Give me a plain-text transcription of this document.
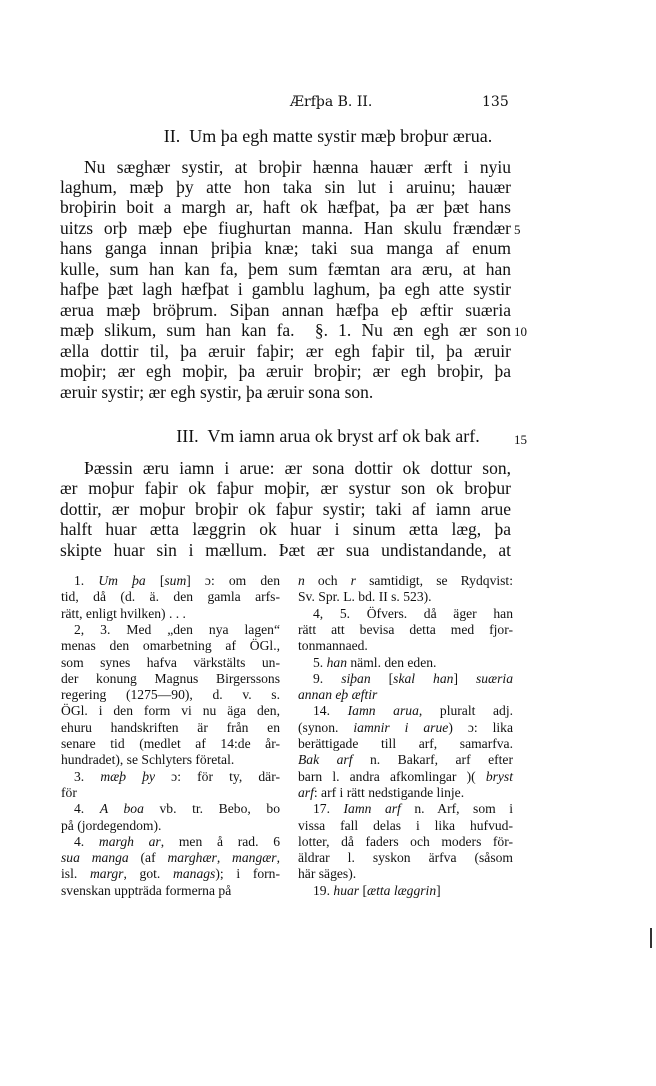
Ærfþa B. II.	135
II.  Um þa egh matte systir mæþ broþur ærua.
Nu sæghær systir, at broþir hænna hauær ærft i nyiu
laghum, mæþ þy atte hon taka sin lut i aruinu; hauær
broþirin boit a margh ar, haft ok hæfþat, þa ær þæt hans
uitzs orþ mæþ eþe fiughurtan manna. Han skulu frændær
hans ganga innan þriþia knæ; taki sua manga af enum
kulle, sum han kan fa, þem sum fæmtan ara æru, at han
hafþe þæt lagh hæfþat i gamblu laghum, þa egh atte systir
ærua mæþ bröþrum. Siþan annan hæfþa eþ æftir suæria
mæþ slikum, sum han kan fa.  §. 1. Nu æn egh ær son
ælla dottir til, þa æruir faþir; ær egh faþir til, þa æruir
moþir; ær egh moþir, þa æruir broþir; ær egh broþir, þa
æruir systir; ær egh systir, þa æruir sona son.
5
10
15
III.  Vm iamn arua ok bryst arf ok bak arf.
Þæssin æru iamn i arue: ær sona dottir ok dottur son,
ær moþur faþir ok faþur moþir, ær systur son ok broþur
dottir, ær moþur broþir ok faþur systir; taki af iamn arue
halft huar ætta læggrin ok huar i sinum ætta læg, þa
skipte huar sin i mællum. Þæt ær sua undistandande, at
1. Um þa [sum] ɔ: om den
tid, då (d. ä. den gamla arfs-
rätt, enligt hvilken) . . .
2, 3. Med „den nya lagen“
menas den omarbetning af ÖGl.,
som synes hafva värkstälts un-
der konung Magnus Birgerssons
regering (1275—90), d. v. s.
ÖGl. i den form vi nu äga den,
ehuru handskriften är från en
senare tid (medlet af 14:de år-
hundradet), se Schlyters företal.
3. mæþ þy ɔ: för ty, där-
för
4. A boa vb. tr. Bebo, bo
på (jordegendom).
4. margh ar, men å rad. 6
sua manga (af marghær, mangær,
isl. margr, got. manags); i forn-
svenskan uppträda formerna på
n och r samtidigt, se Rydqvist:
Sv. Spr. L. bd. II s. 523).
4, 5. Öfvers. då äger han
rätt att bevisa detta med fjor-
tonmannaed.
5. han näml. den eden.
9. siþan [skal han] suæria
annan eþ æftir
14. Iamn arua, pluralt adj.
(synon. iamnir i arue) ɔ: lika
berättigade till arf, samarfva.
Bak arf n. Bakarf, arf efter
barn l. andra afkomlingar )( bryst
arf: arf i rätt nedstigande linje.
17. Iamn arf n. Arf, som i
vissa fall delas i lika hufvud-
lotter, då faders och moders för-
äldrar l. syskon ärfva (såsom
här säges).
19. huar [ætta læggrin]
